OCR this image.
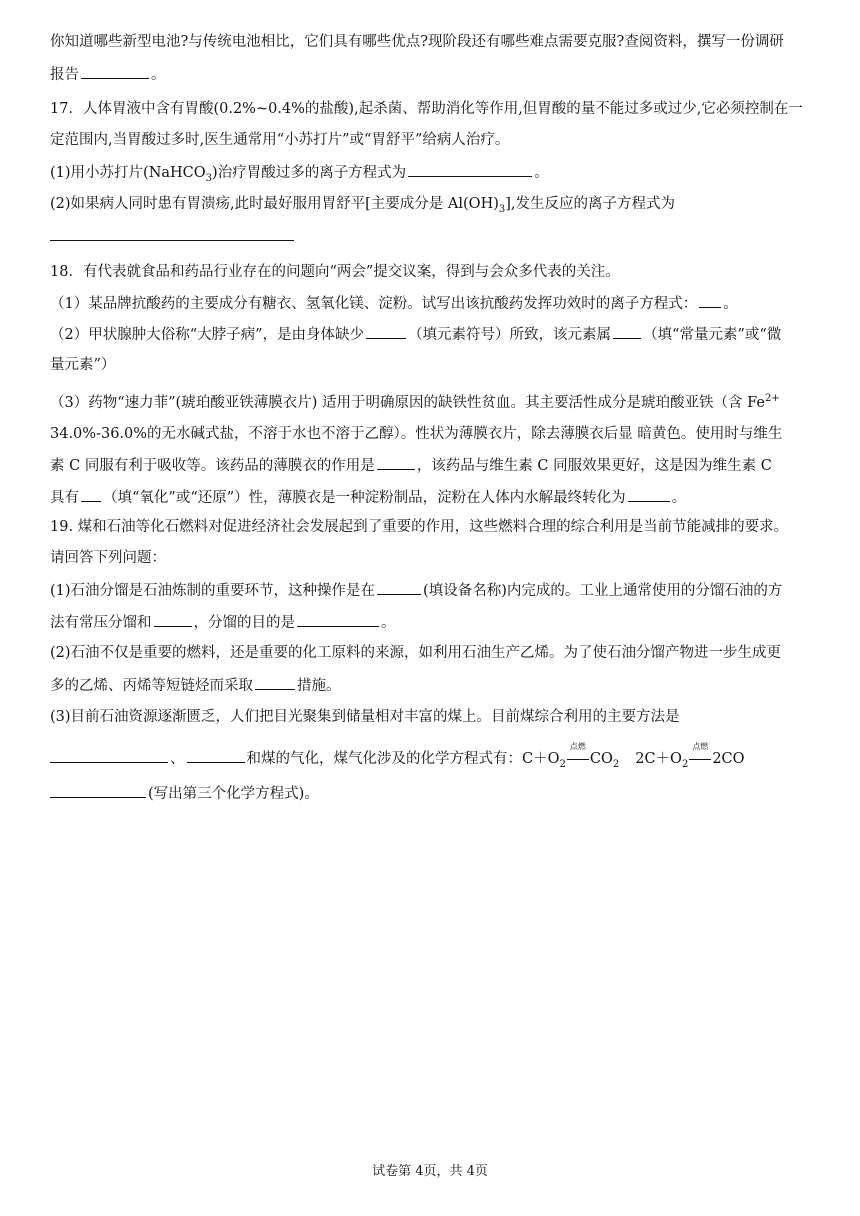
你知道哪些新型电池?与传统电池相比，它们具有哪些优点?现阶段还有哪些难点需要克服?查阅资料，撰写一份调研
报告	。
17．人体胃液中含有胃酸(0.2%~0.4%的盐酸),起杀菌、帮助消化等作用,但胃酸的量不能过多或过少,它必须控制在一
定范围内,当胃酸过多时,医生通常用“小苏打片”或“胃舒平”给病人治疗。
(1)用小苏打片(NaHCO$_3$)治疗胃酸过多的离子方程式为	。
(2)如果病人同时患有胃溃疡,此时最好服用胃舒平[主要成分是 $Al(OH)_3$],发生反应的离子方程式为
18．有代表就食品和药品行业存在的问题向“两会”提交议案，得到与会众多代表的关注。
（1）某品牌抗酸药的主要成分有糖衣、氢氧化镁、淀粉。试写出该抗酸药发挥功效时的离子方程式： 。
（2）甲状腺肿大俗称“大脖子病”，是由身体缺少	（填元素符号）所致，该元素属 （填“常量元素”或“微
量元素”）
（3）药物“速力菲”(琥珀酸亚铁薄膜衣片) 适用于明确原因的缺铁性贫血。其主要活性成分是琥珀酸亚铁（含 $Fe^{2+}$
34.0%-36.0%的无水碱式盐，不溶于水也不溶于乙醇）。性状为薄膜衣片，除去薄膜衣后显 暗黄色。使用时与维生
素 C 同服有利于吸收等。该药品的薄膜衣的作用是	，该药品与维生素 C 同服效果更好，这是因为维生素 C
具有 （填“氧化”或“还原”）性，薄膜衣是一种淀粉制品，淀粉在人体内水解最终转化为	。
19. 煤和石油等化石燃料对促进经济社会发展起到了重要的作用，这些燃料合理的综合利用是当前节能减排的要求。
请回答下列问题：
(1)石油分馏是石油炼制的重要环节，这种操作是在	(填设备名称)内完成的。工业上通常使用的分馏石油的方
法有常压分馏和	，分馏的目的是	。
(2)石油不仅是重要的燃料，还是重要的化工原料的来源，如利用石油生产乙烯。为了使石油分馏产物进一步生成更
多的乙烯、丙烯等短链烃而采取	措施。
(3)目前石油资源逐渐匮乏，人们把目光聚集到储量相对丰富的煤上。目前煤综合利用的主要方法是
、	和煤的气化，煤气化涉及的化学方程式有：$C+O_2$
点燃
$CO_2$ $2C+O_2$
点燃
2CO
(写出第三个化学方程式)。
试卷第 4页，共 4页
